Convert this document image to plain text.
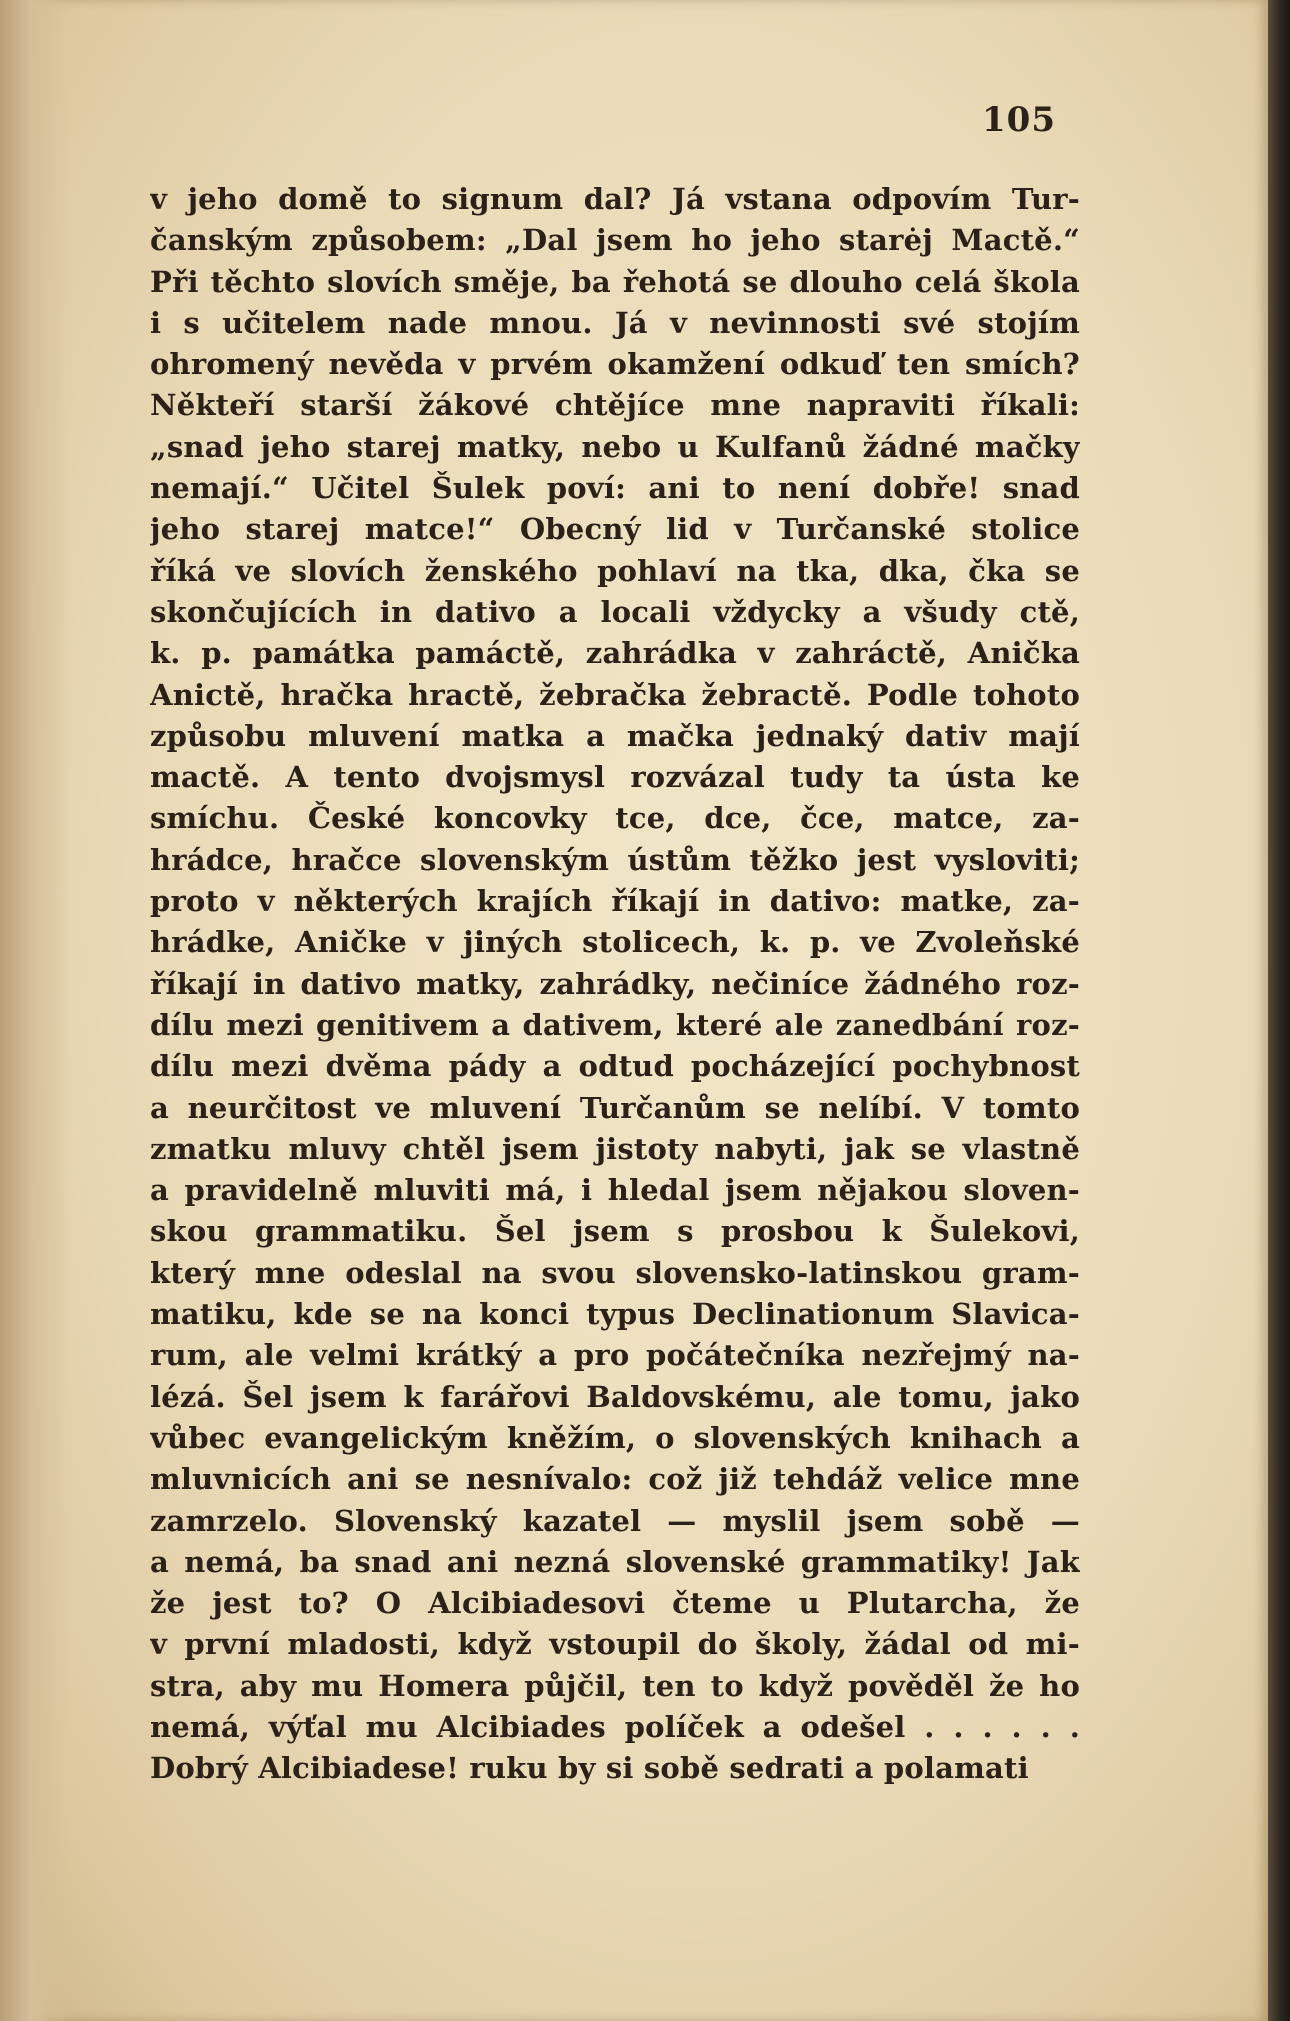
105
v jeho domě to signum dal? Já vstana odpovím Tur-
čanským způsobem: „Dal jsem ho jeho starėj Mactě.“
Při těchto slovích směje, ba řehotá se dlouho celá škola
i s učitelem nade mnou. Já v nevinnosti své stojím
ohromený nevěda v prvém okamžení odkuď ten smích?
Někteří starší žákové chtějíce mne napraviti říkali:
„snad jeho starej matky, nebo u Kulfanů žádné mačky
nemají.“ Učitel Šulek poví: ani to není dobře! snad
jeho starej matce!“ Obecný lid v Turčanské stolice
říká ve slovích ženského pohlaví na tka, dka, čka se
skončujících in dativo a locali vždycky a všudy ctě,
k. p. památka pamáctě, zahrádka v zahráctě, Anička
Anictě, hračka hractě, žebračka žebractě. Podle tohoto
způsobu mluvení matka a mačka jednaký dativ mají
mactě. A tento dvojsmysl rozvázal tudy ta ústa ke
smíchu. České koncovky tce, dce, čce, matce, za-
hrádce, hračce slovenským ústům těžko jest vysloviti;
proto v některých krajích říkají in dativo: matke, za-
hrádke, Aničke v jiných stolicech, k. p. ve Zvoleňské
říkají in dativo matky, zahrádky, nečiníce žádného roz-
dílu mezi genitivem a dativem, které ale zanedbání roz-
dílu mezi dvěma pády a odtud pocházející pochybnost
a neurčitost ve mluvení Turčanům se nelíbí. V tomto
zmatku mluvy chtěl jsem jistoty nabyti, jak se vlastně
a pravidelně mluviti má, i hledal jsem nějakou sloven-
skou grammatiku. Šel jsem s prosbou k Šulekovi,
který mne odeslal na svou slovensko-latinskou gram-
matiku, kde se na konci typus Declinationum Slavica-
rum, ale velmi krátký a pro počátečníka nezřejmý na-
lézá. Šel jsem k farářovi Baldovskému, ale tomu, jako
vůbec evangelickým kněžím, o slovenských knihach a
mluvnicích ani se nesnívalo: což již tehdáž velice mne
zamrzelo. Slovenský kazatel — myslil jsem sobě —
a nemá, ba snad ani nezná slovenské grammatiky! Jak
že jest to? O Alcibiadesovi čteme u Plutarcha, že
v první mladosti, když vstoupil do školy, žádal od mi-
stra, aby mu Homera půjčil, ten to když pověděl že ho
nemá, výťal mu Alcibiades políček a odešel . . . . . .
Dobrý Alcibiadese! ruku by si sobě sedrati a polamati
